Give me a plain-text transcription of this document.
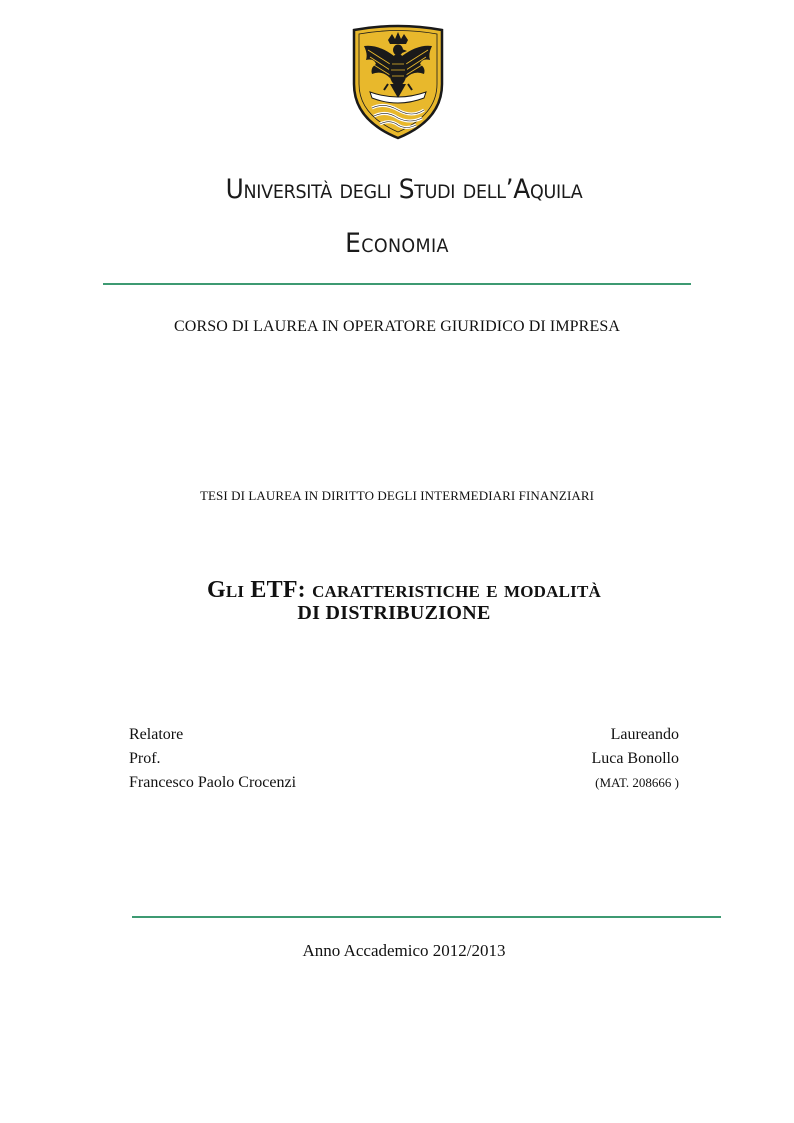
Università degli Studi dell’Aquila
Economia
CORSO DI LAUREA IN OPERATORE GIURIDICO DI IMPRESA
TESI DI LAUREA IN DIRITTO DEGLI INTERMEDIARI FINANZIARI
Gli ETF: caratteristiche e modalità
DI DISTRIBUZIONE
Relatore
Prof.
Francesco Paolo Crocenzi
Laureando
Luca Bonollo
(MAT. 208666 )
Anno Accademico 2012/2013
